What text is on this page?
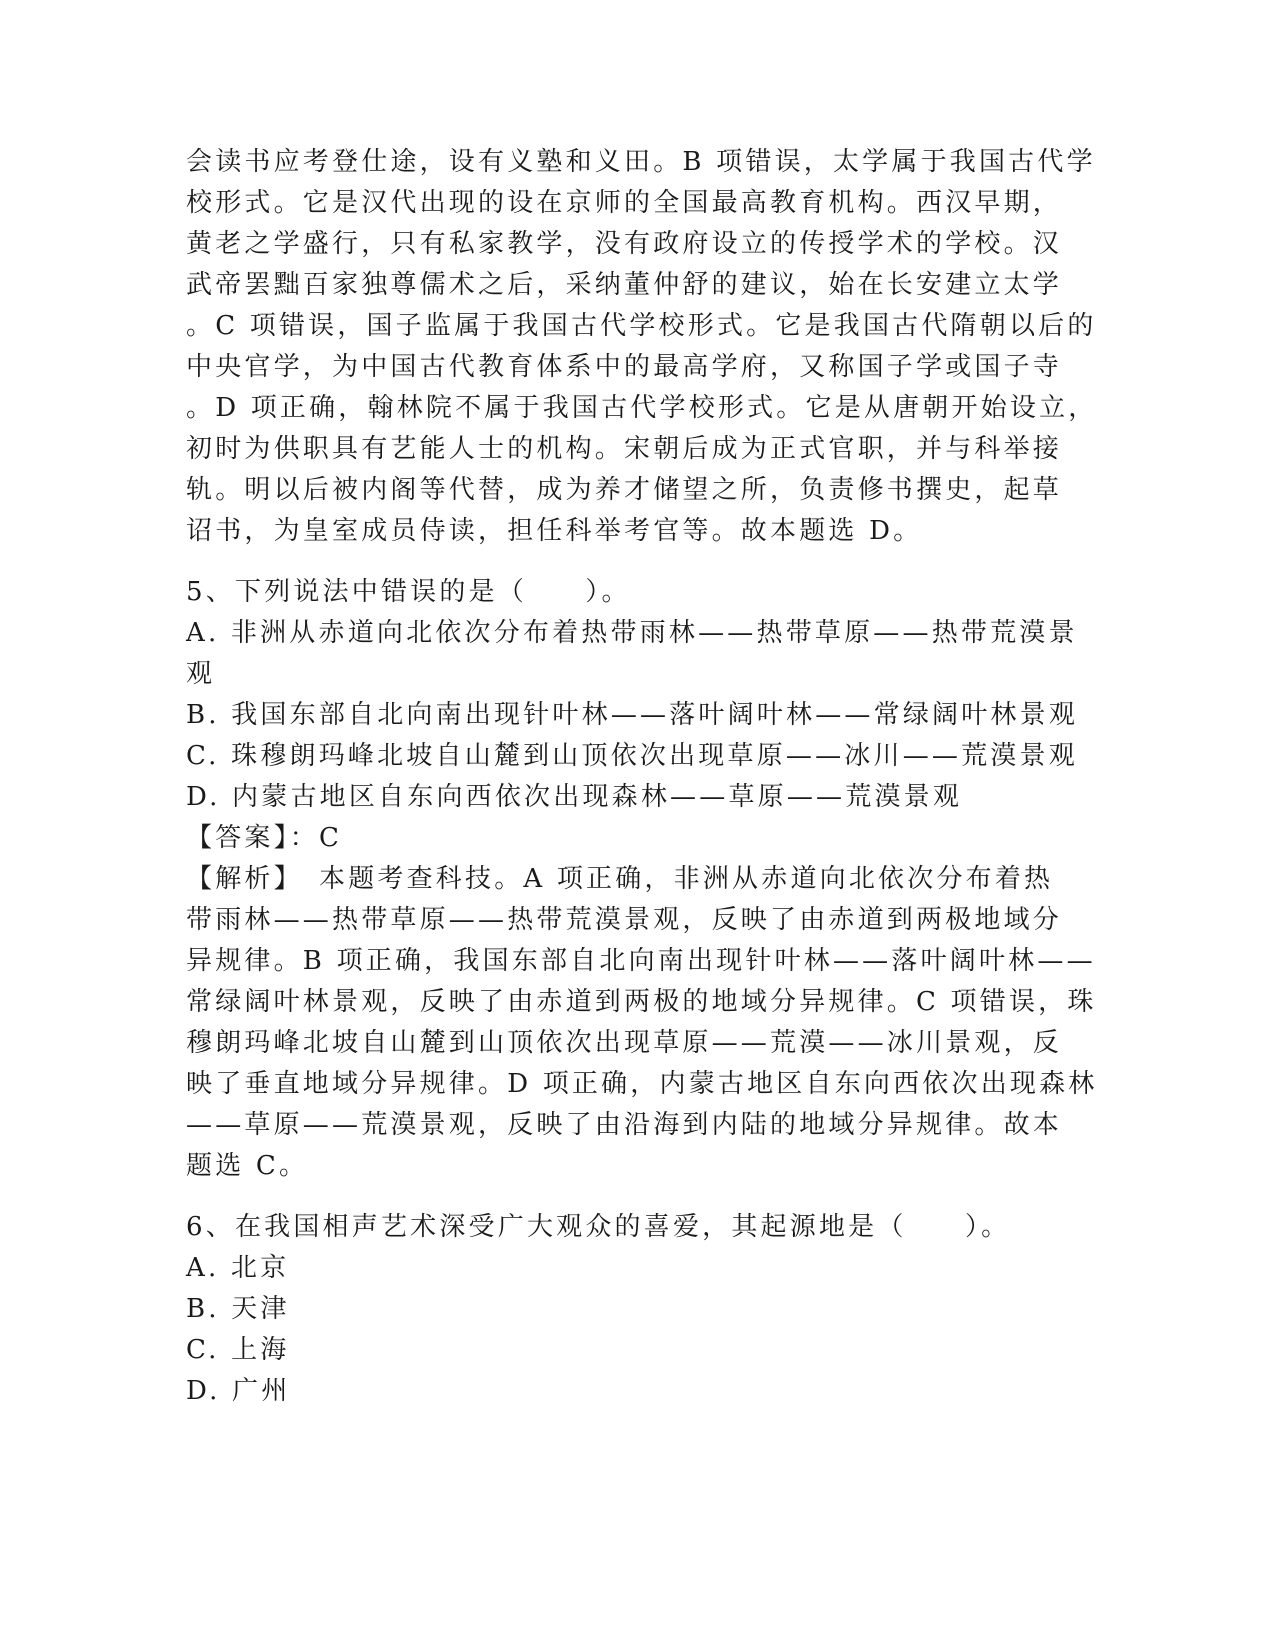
会读书应考登仕途，设有义塾和义田。B 项错误，太学属于我国古代学
校形式。它是汉代出现的设在京师的全国最高教育机构。西汉早期，
黄老之学盛行，只有私家教学，没有政府设立的传授学术的学校。汉
武帝罢黜百家独尊儒术之后，采纳董仲舒的建议，始在长安建立太学
。C 项错误，国子监属于我国古代学校形式。它是我国古代隋朝以后的
中央官学，为中国古代教育体系中的最高学府，又称国子学或国子寺
。D 项正确，翰林院不属于我国古代学校形式。它是从唐朝开始设立，
初时为供职具有艺能人士的机构。宋朝后成为正式官职，并与科举接
轨。明以后被内阁等代替，成为养才储望之所，负责修书撰史，起草
诏书，为皇室成员侍读，担任科举考官等。故本题选 D。
5、下列说法中错误的是（　　）。
A. 非洲从赤道向北依次分布着热带雨林——热带草原——热带荒漠景
观
B. 我国东部自北向南出现针叶林——落叶阔叶林——常绿阔叶林景观
C. 珠穆朗玛峰北坡自山麓到山顶依次出现草原——冰川——荒漠景观
D. 内蒙古地区自东向西依次出现森林——草原——荒漠景观
【答案】：C
【解析】　本题考查科技。A 项正确，非洲从赤道向北依次分布着热
带雨林——热带草原——热带荒漠景观，反映了由赤道到两极地域分
异规律。B 项正确，我国东部自北向南出现针叶林——落叶阔叶林——
常绿阔叶林景观，反映了由赤道到两极的地域分异规律。C 项错误，珠
穆朗玛峰北坡自山麓到山顶依次出现草原——荒漠——冰川景观，反
映了垂直地域分异规律。D 项正确，内蒙古地区自东向西依次出现森林
——草原——荒漠景观，反映了由沿海到内陆的地域分异规律。故本
题选 C。
6、在我国相声艺术深受广大观众的喜爱，其起源地是（　　）。
A. 北京
B. 天津
C. 上海
D. 广州
